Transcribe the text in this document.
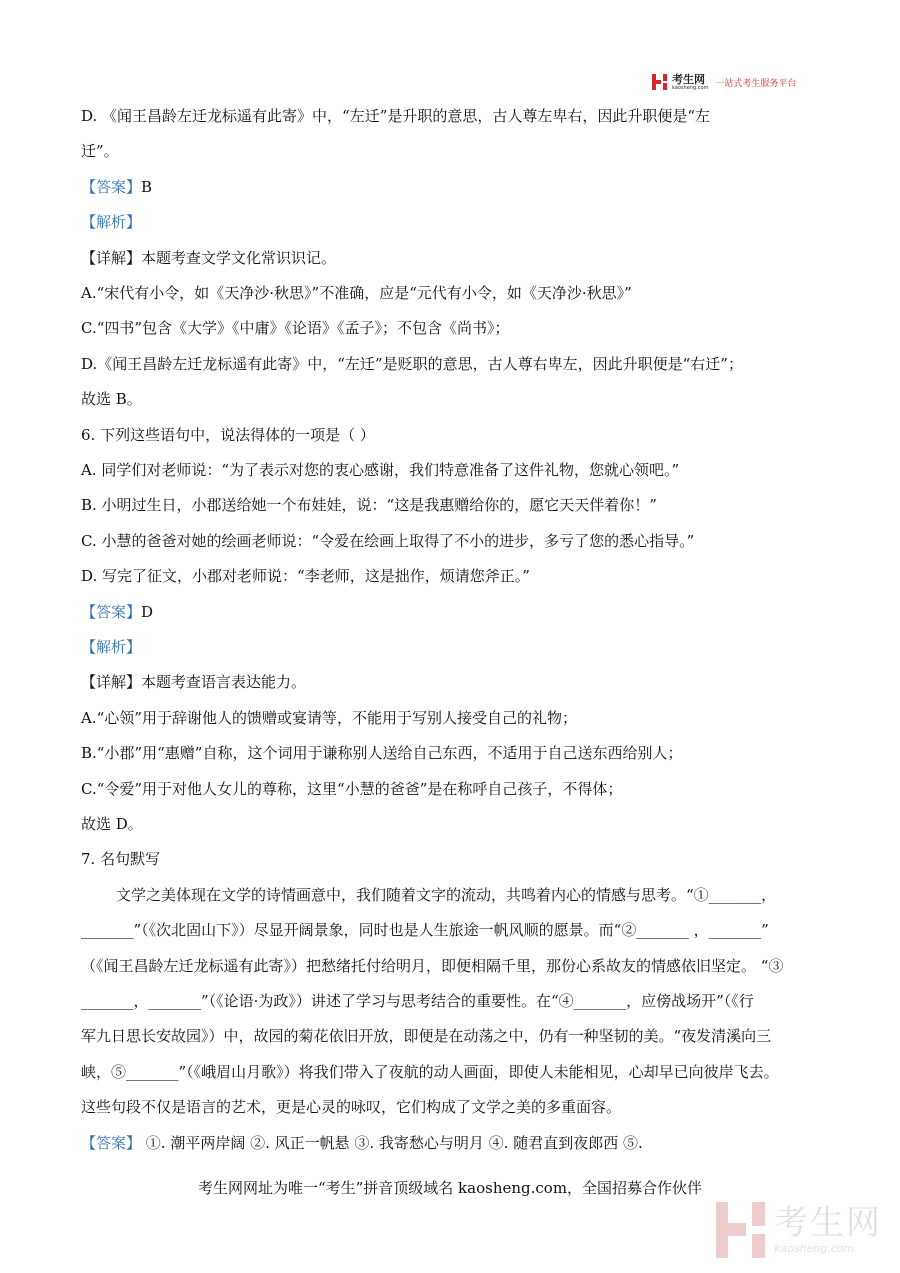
考生网
kaosheng.com 一站式考生服务平台
D. 《闻王昌龄左迁龙标遥有此寄》中，“左迁”是升职的意思，古人尊左卑右，因此升职便是“左
迁”。
【答案】B
【解析】
【详解】本题考查文学文化常识识记。
A.“宋代有小令，如《天净沙·秋思》”不准确，应是“元代有小令，如《天净沙·秋思》”
C.“四书”包含《大学》《中庸》《论语》《孟子》；不包含《尚书》；
D.《闻王昌龄左迁龙标遥有此寄》中，“左迁”是贬职的意思，古人尊右卑左，因此升职便是“右迁”；
故选 B。
6. 下列这些语句中，说法得体的一项是（ ）
A. 同学们对老师说：“为了表示对您的衷心感谢，我们特意准备了这件礼物，您就心领吧。”
B. 小明过生日，小郡送给她一个布娃娃，说：“这是我惠赠给你的，愿它天天伴着你！”
C. 小慧的爸爸对她的绘画老师说：“令爱在绘画上取得了不小的进步，多亏了您的悉心指导。”
D. 写完了征文，小郡对老师说：“李老师，这是拙作，烦请您斧正。”
【答案】D
【解析】
【详解】本题考查语言表达能力。
A.“心领”用于辞谢他人的馈赠或宴请等，不能用于写别人接受自己的礼物；
B.“小郡”用“惠赠”自称，这个词用于谦称别人送给自己东西，不适用于自己送东西给别人；
C.“令爱”用于对他人女儿的尊称，这里“小慧的爸爸”是在称呼自己孩子，不得体；
故选 D。
7. 名句默写
文学之美体现在文学的诗情画意中，我们随着文字的流动，共鸣着内心的情感与思考。“①_______，
_______”（《次北固山下》）尽显开阔景象，同时也是人生旅途一帆风顺的愿景。而“②_______ ，_______”
（《闻王昌龄左迁龙标遥有此寄》）把愁绪托付给明月，即便相隔千里，那份心系故友的情感依旧坚定。 “③
_______，_______”（《论语·为政》）讲述了学习与思考结合的重要性。在“④_______，应傍战场开”（《行
军九日思长安故园》）中，故园的菊花依旧开放，即便是在动荡之中，仍有一种坚韧的美。“夜发清溪向三
峡，⑤_______”（《峨眉山月歌》）将我们带入了夜航的动人画面，即使人未能相见，心却早已向彼岸飞去。
这些句段不仅是语言的艺术，更是心灵的咏叹，它们构成了文学之美的多重面容。
【答案】 ①. 潮平两岸阔 ②. 风正一帆悬 ③. 我寄愁心与明月 ④. 随君直到夜郎西 ⑤.
考生网网址为唯一“考生”拼音顶级域名 kaosheng.com，全国招募合作伙伴
考生网
kaosheng.com
